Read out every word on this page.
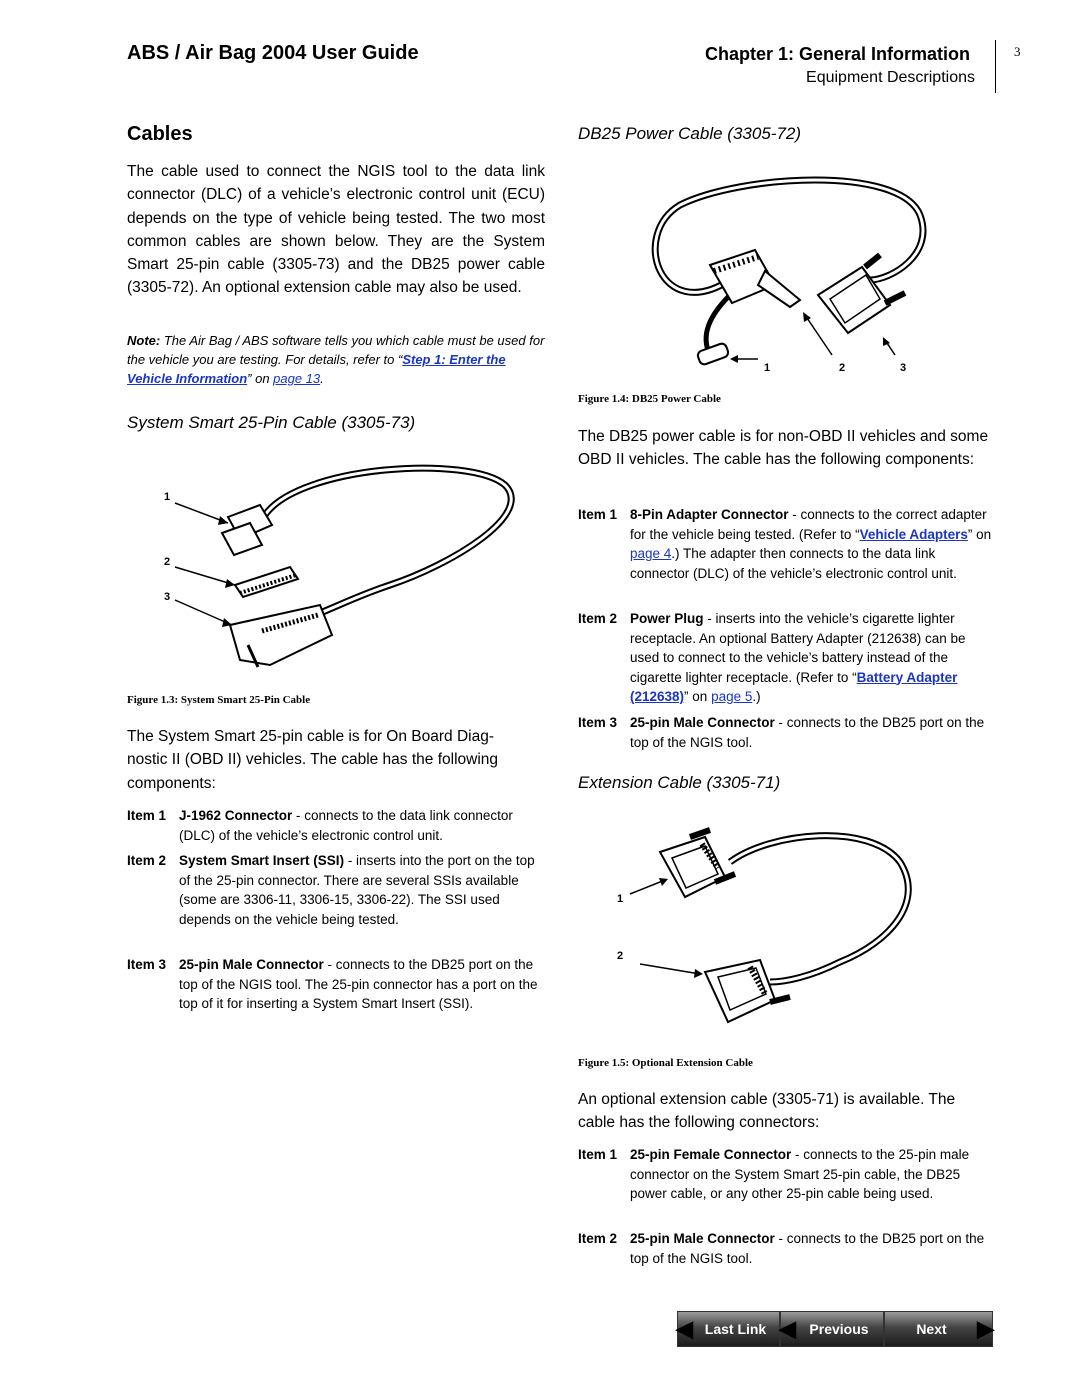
ABS / Air Bag 2004 User Guide	Chapter 1: General Information
Equipment Descriptions
3
Cables
The cable used to connect the NGIS tool to the data link connector (DLC) of a vehicle’s electronic control unit (ECU) depends on the type of vehicle being tested. The two most common cables are shown below. They are the System Smart 25-pin cable (3305-73) and the DB25 power cable (3305-72). An optional extension cable may also be used.
Note: The Air Bag / ABS software tells you which cable must be used for the vehicle you are testing. For details, refer to “Step 1: Enter the Vehicle Information” on page 13.
System Smart 25-Pin Cable (3305-73)
1
2
3
Figure 1.3: System Smart 25-Pin Cable
The System Smart 25-pin cable is for On Board Diag-
nostic II (OBD II) vehicles. The cable has the following
components:
Item 1 J-1962 Connector - connects to the data link connector (DLC) of the vehicle’s electronic control unit.
Item 2 System Smart Insert (SSI) - inserts into the port on the top of the 25-pin connector. There are several SSIs available (some are 3306-11, 3306-15, 3306-22). The SSI used depends on the vehicle being tested.
Item 3 25-pin Male Connector - connects to the DB25 port on the top of the NGIS tool. The 25-pin connector has a port on the top of it for inserting a System Smart Insert (SSI).
DB25 Power Cable (3305-72)
1	2	3
Figure 1.4: DB25 Power Cable
The DB25 power cable is for non-OBD II vehicles and some OBD II vehicles. The cable has the following components:
Item 1 8-Pin Adapter Connector - connects to the correct adapter for the vehicle being tested. (Refer to “Vehicle Adapters” on page 4.) The adapter then connects to the data link connector (DLC) of the vehicle’s electronic control unit.
Item 2 Power Plug - inserts into the vehicle’s cigarette lighter receptacle. An optional Battery Adapter (212638) can be used to connect to the vehicle’s battery instead of the cigarette lighter receptacle. (Refer to “Battery Adapter (212638)” on page 5.)
Item 3 25-pin Male Connector - connects to the DB25 port on the top of the NGIS tool.
Extension Cable (3305-71)
1
2
Figure 1.5: Optional Extension Cable
An optional extension cable (3305-71) is available. The cable has the following connectors:
Item 1 25-pin Female Connector - connects to the 25-pin male connector on the System Smart 25-pin cable, the DB25 power cable, or any other 25-pin cable being used.
Item 2 25-pin Male Connector - connects to the DB25 port on the top of the NGIS tool.
◀ Last Link ◀ Previous	Next ▶
